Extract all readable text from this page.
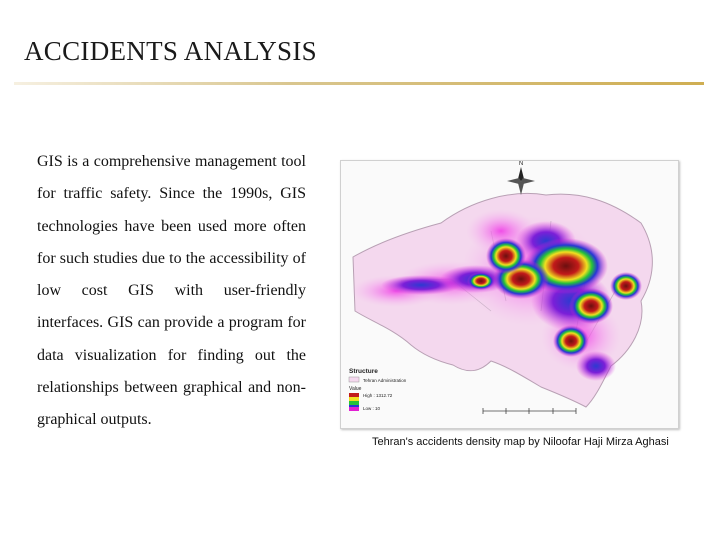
ACCIDENTS ANALYSIS
GIS is a comprehensive management tool for traffic safety. Since the 1990s, GIS technologies have been used more often for such studies due to the accessibility of low cost GIS with user-friendly interfaces. GIS can provide a program for data visualization for finding out the relationships between graphical and non-graphical outputs.
N
Structure
Tehran Administration
Value
High : 1312.72
Low : 10
Tehran's accidents density map by Niloofar Haji Mirza Aghasi
